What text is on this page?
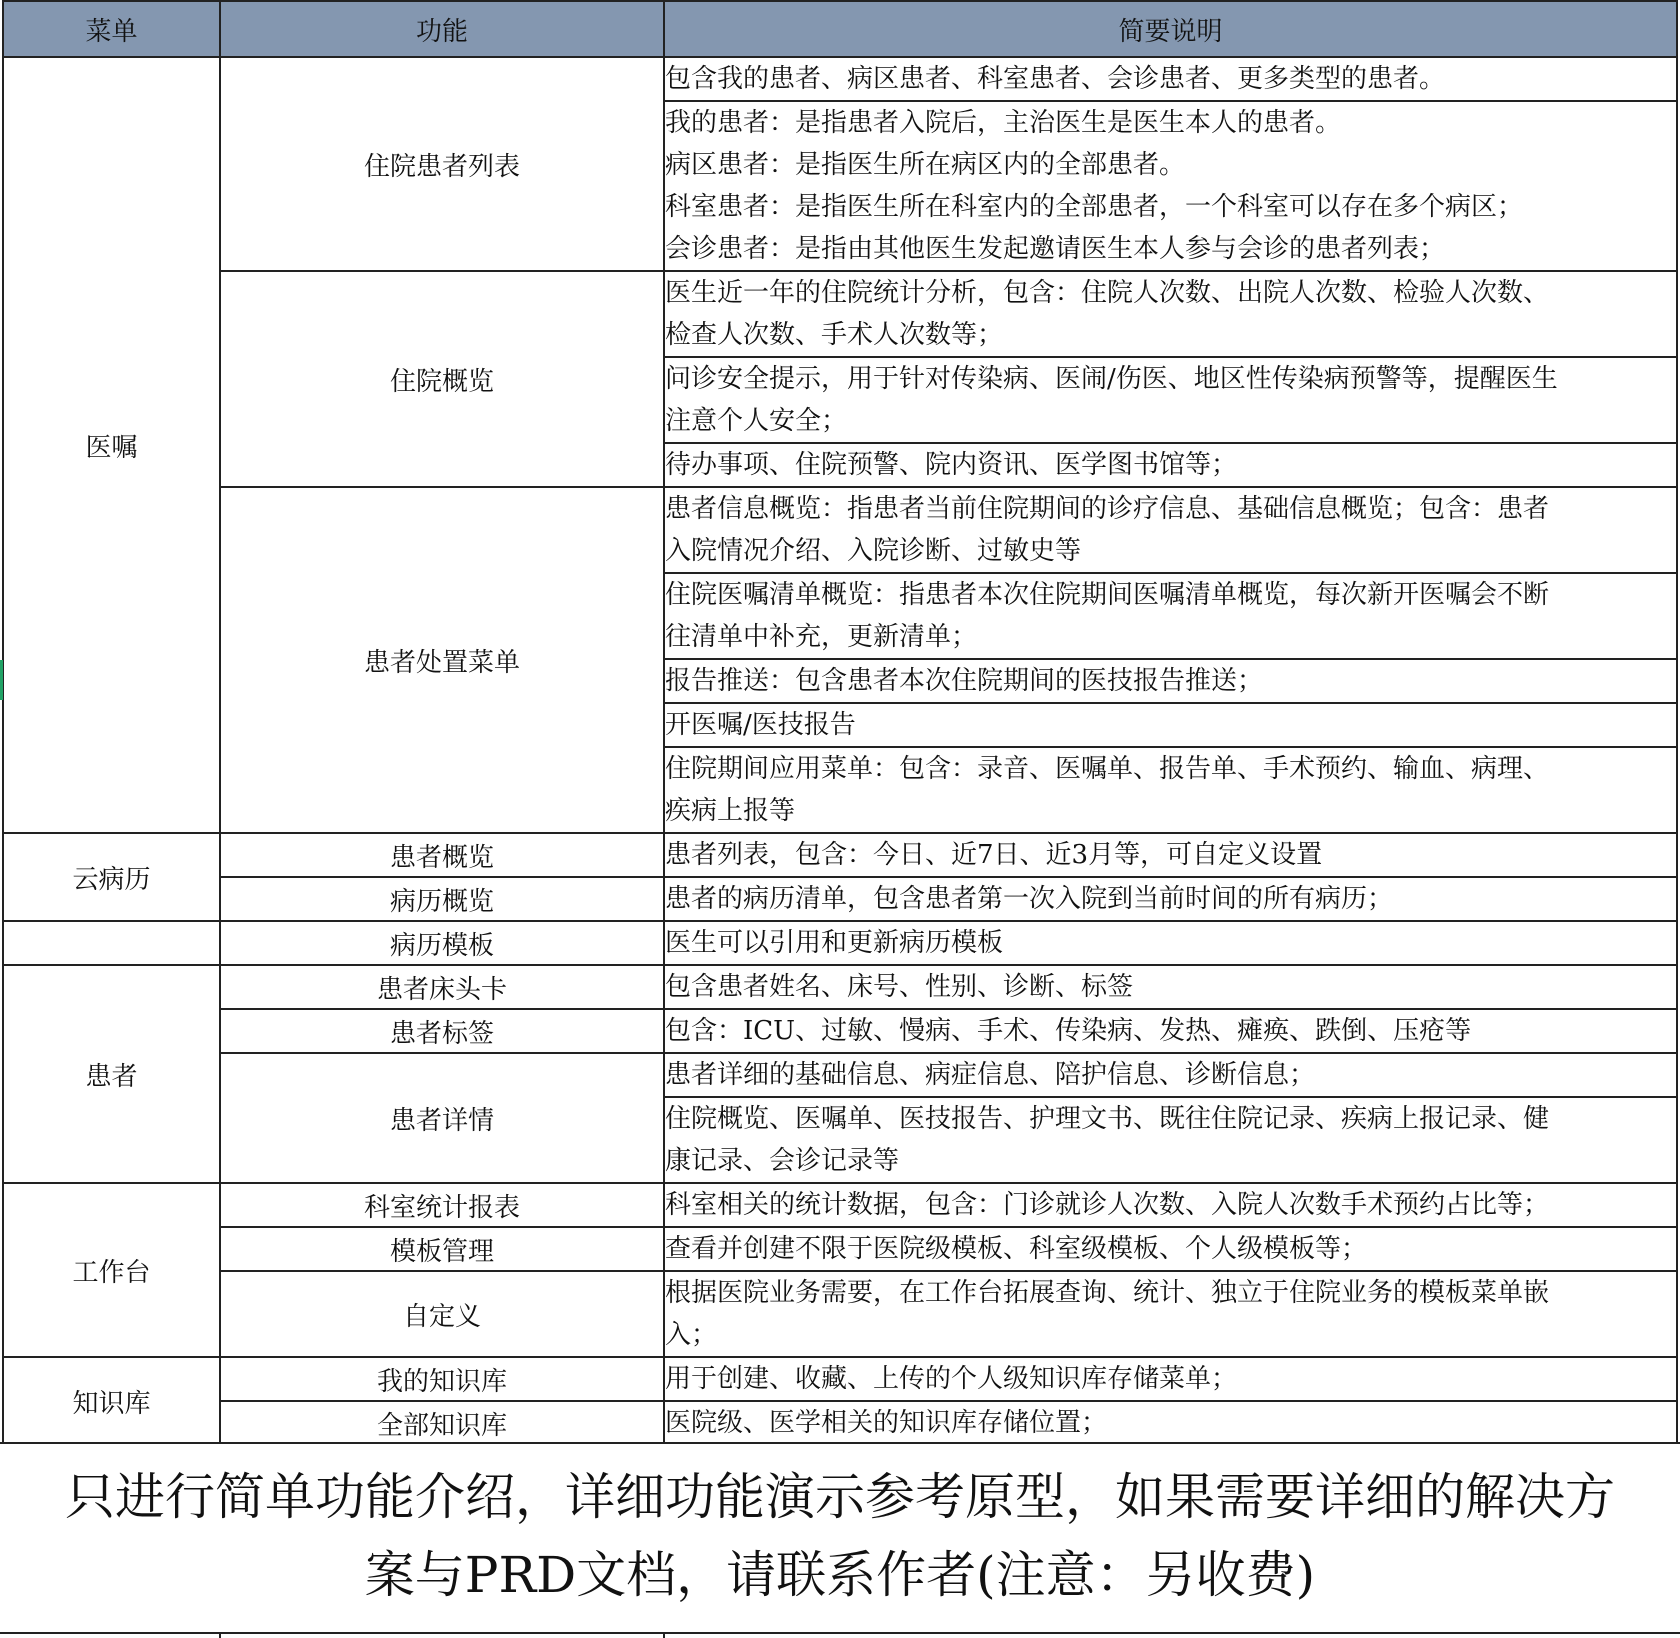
菜单	功能	简要说明
医嘱	住院患者列表	包含我的患者、病区患者、科室患者、会诊患者、更多类型的患者。

		我的患者：是指患者入院后，主治医生是医生本人的患者。
病区患者：是指医生所在病区内的全部患者。
科室患者：是指医生所在科室内的全部患者，一个科室可以存在多个病区；
会诊患者：是指由其他医生发起邀请医生本人参与会诊的患者列表；

	住院概览	医生近一年的住院统计分析，包含：住院人次数、出院人次数、检验人次数、
检查人次数、手术人次数等；

		问诊安全提示，用于针对传染病、医闹/伤医、地区性传染病预警等，提醒医生
注意个人安全；

		待办事项、住院预警、院内资讯、医学图书馆等；

	患者处置菜单	患者信息概览：指患者当前住院期间的诊疗信息、基础信息概览；包含：患者
入院情况介绍、入院诊断、过敏史等

		住院医嘱清单概览：指患者本次住院期间医嘱清单概览，每次新开医嘱会不断
往清单中补充，更新清单；

		报告推送：包含患者本次住院期间的医技报告推送；

		开医嘱/医技报告

		住院期间应用菜单：包含：录音、医嘱单、报告单、手术预约、输血、病理、
疾病上报等

云病历	患者概览	患者列表，包含：今日、近7日、近3月等，可自定义设置

	病历概览	患者的病历清单，包含患者第一次入院到当前时间的所有病历；

	病历模板	医生可以引用和更新病历模板

患者	患者床头卡	包含患者姓名、床号、性别、诊断、标签

	患者标签	包含：ICU、过敏、慢病、手术、传染病、发热、瘫痪、跌倒、压疮等

	患者详情	患者详细的基础信息、病症信息、陪护信息、诊断信息；

		住院概览、医嘱单、医技报告、护理文书、既往住院记录、疾病上报记录、健
康记录、会诊记录等

工作台	科室统计报表	科室相关的统计数据，包含：门诊就诊人次数、入院人次数手术预约占比等；

	模板管理	查看并创建不限于医院级模板、科室级模板、个人级模板等；

	自定义	根据医院业务需要，在工作台拓展查询、统计、独立于住院业务的模板菜单嵌
入；

知识库	我的知识库	用于创建、收藏、上传的个人级知识库存储菜单；

	全部知识库	医院级、医学相关的知识库存储位置；
只进行简单功能介绍，详细功能演示参考原型，如果需要详细的解决方
案与PRD文档，请联系作者(注意：另收费)
